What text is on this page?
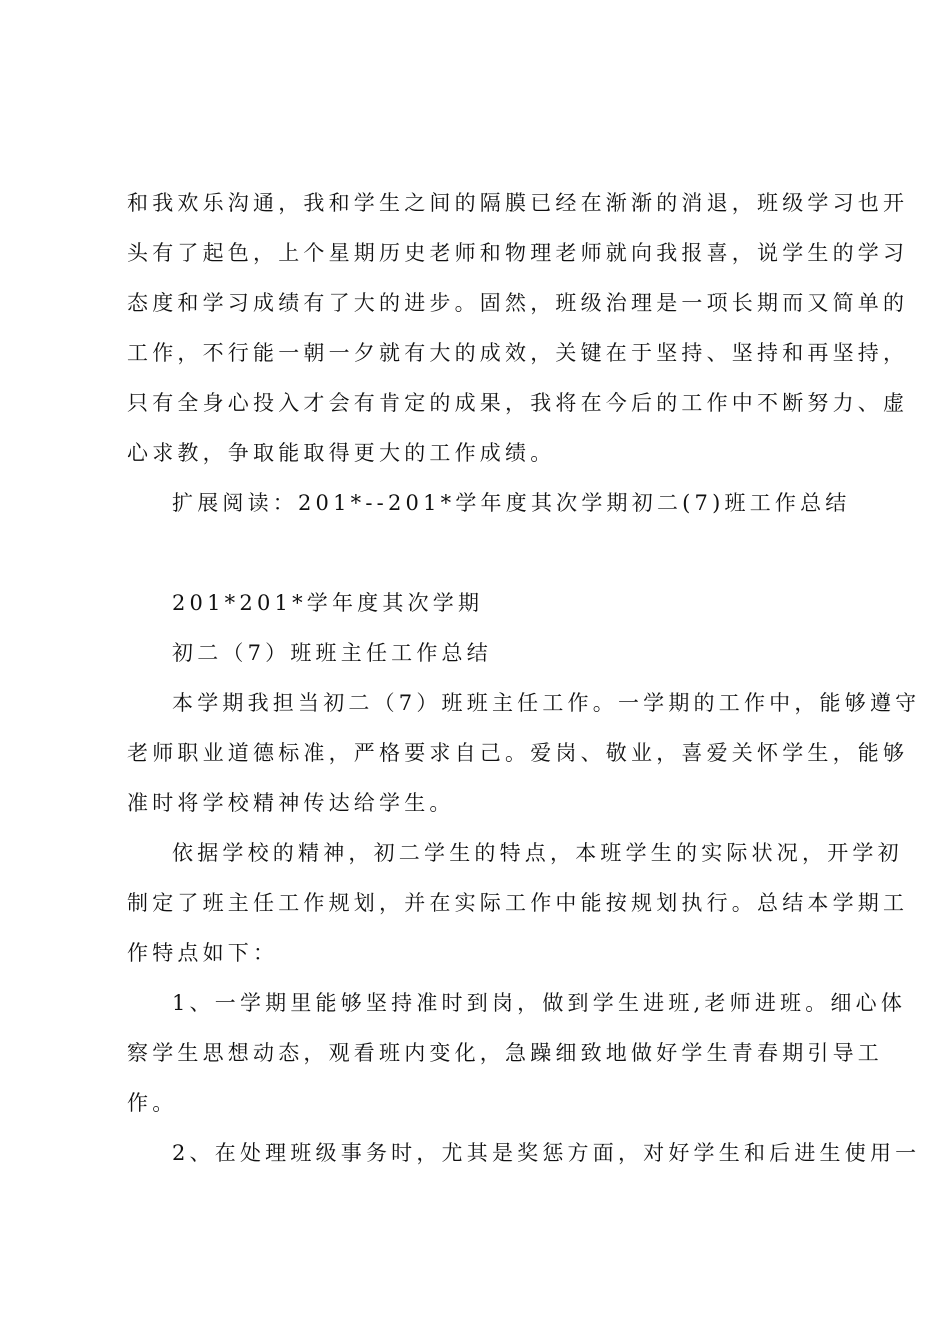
和我欢乐沟通，我和学生之间的隔膜已经在渐渐的消退，班级学习也开
头有了起色，上个星期历史老师和物理老师就向我报喜，说学生的学习
态度和学习成绩有了大的进步。固然，班级治理是一项长期而又简单的
工作，不行能一朝一夕就有大的成效，关键在于坚持、坚持和再坚持，
只有全身心投入才会有肯定的成果，我将在今后的工作中不断努力、虚
心求教，争取能取得更大的工作成绩。
扩展阅读：201*--201*学年度其次学期初二(7)班工作总结
201*201*学年度其次学期
初二（7）班班主任工作总结
本学期我担当初二（7）班班主任工作。一学期的工作中，能够遵守
老师职业道德标准，严格要求自己。爱岗、敬业，喜爱关怀学生，能够
准时将学校精神传达给学生。
依据学校的精神，初二学生的特点，本班学生的实际状况，开学初
制定了班主任工作规划，并在实际工作中能按规划执行。总结本学期工
作特点如下：
1、一学期里能够坚持准时到岗，做到学生进班,老师进班。细心体
察学生思想动态，观看班内变化，急躁细致地做好学生青春期引导工
作。
2、在处理班级事务时，尤其是奖惩方面，对好学生和后进生使用一
